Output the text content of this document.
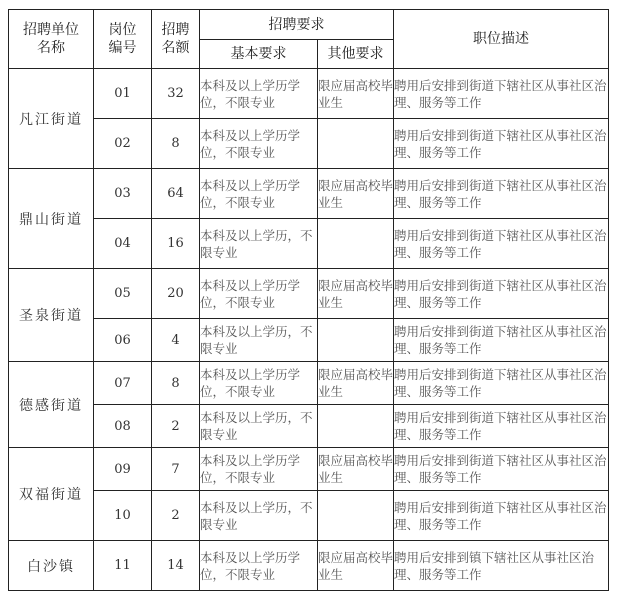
招聘单位名称	岗位编号	招聘名额	招聘要求		职位描述
			基本要求	其他要求	
凡江街道	01	32	本科及以上学历学位，不限专业	限应届高校毕业生	聘用后安排到街道下辖社区从事社区治理、服务等工作
	02	8	本科及以上学历学位，不限专业		聘用后安排到街道下辖社区从事社区治理、服务等工作
鼎山街道	03	64	本科及以上学历学位，不限专业	限应届高校毕业生	聘用后安排到街道下辖社区从事社区治理、服务等工作
	04	16	本科及以上学历，不限专业		聘用后安排到街道下辖社区从事社区治理、服务等工作
圣泉街道	05	20	本科及以上学历学位，不限专业	限应届高校毕业生	聘用后安排到街道下辖社区从事社区治理、服务等工作
	06	4	本科及以上学历，不限专业		聘用后安排到街道下辖社区从事社区治理、服务等工作
德感街道	07	8	本科及以上学历学位，不限专业	限应届高校毕业生	聘用后安排到街道下辖社区从事社区治理、服务等工作
	08	2	本科及以上学历，不限专业		聘用后安排到街道下辖社区从事社区治理、服务等工作
双福街道	09	7	本科及以上学历学位，不限专业	限应届高校毕业生	聘用后安排到街道下辖社区从事社区治理、服务等工作
	10	2	本科及以上学历，不限专业		聘用后安排到街道下辖社区从事社区治理、服务等工作
白沙镇	11	14	本科及以上学历学位，不限专业	限应届高校毕业生	聘用后安排到镇下辖社区从事社区治理、服务等工作
